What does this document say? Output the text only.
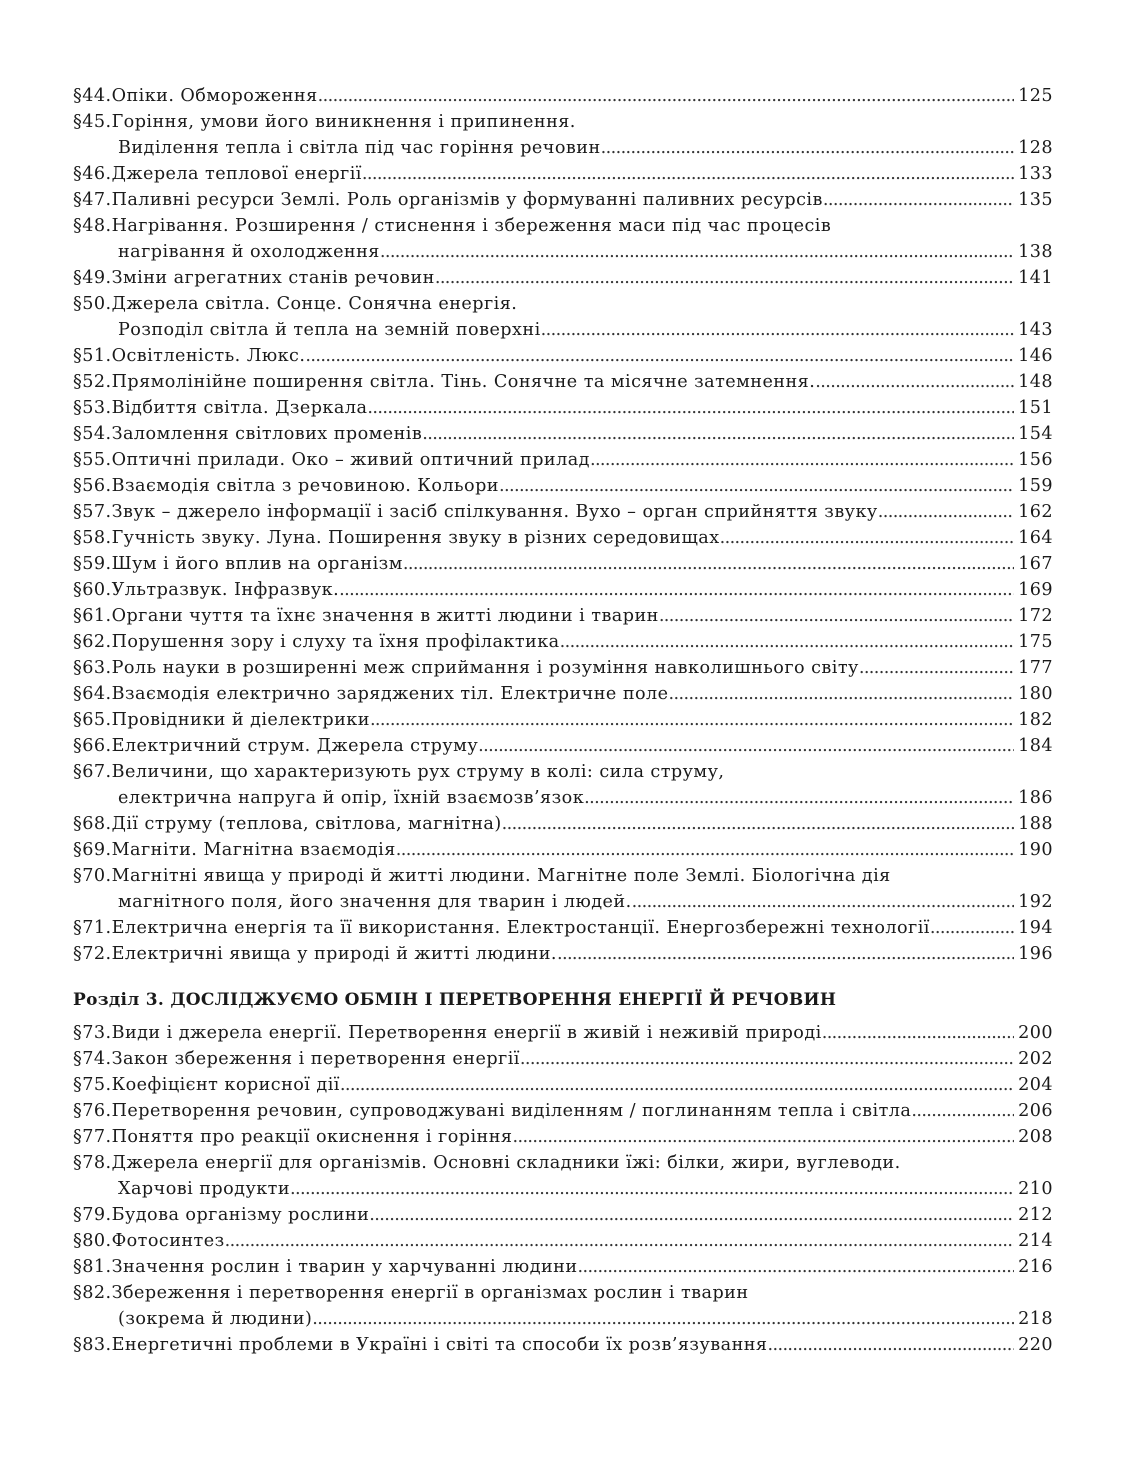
§44. Опіки. Обмороження . . .	125
§45. Горіння, умови його виникнення і припинення.
Виділення тепла і світла під час горіння речовин . . .	128
§46. Джерела теплової енергії . . .	133
§47. Паливні ресурси Землі. Роль організмів у формуванні паливних ресурсів . . .	135
§48. Нагрівання. Розширення / стиснення і збереження маси під час процесів
нагрівання й охолодження . . .	138
§49. Зміни агрегатних станів речовин . . .	141
§50. Джерела світла. Сонце. Сонячна енергія.
Розподіл світла й тепла на земній поверхні . . .	143
§51. Освітленість. Люкс. . . .	146
§52. Прямолінійне поширення світла. Тінь. Сонячне та місячне затемнення. . . .	148
§53. Відбиття світла. Дзеркала . . .	151
§54. Заломлення світлових променів . . .	154
§55. Оптичні прилади. Око – живий оптичний прилад . . .	156
§56. Взаємодія світла з речовиною. Кольори . . .	159
§57. Звук – джерело інформації і засіб спілкування. Вухо – орган сприйняття звуку . . .	162
§58. Гучність звуку. Луна. Поширення звуку в різних середовищах . . .	164
§59. Шум і його вплив на організм . . .	167
§60. Ультразвук. Інфразвук. . . .	169
§61. Органи чуття та їхнє значення в житті людини і тварин . . .	172
§62. Порушення зору і слуху та їхня профілактика . . .	175
§63. Роль науки в розширенні меж сприймання і розуміння навколишнього світу . . .	177
§64. Взаємодія електрично заряджених тіл. Електричне поле . . .	180
§65. Провідники й діелектрики . . .	182
§66. Електричний струм. Джерела струму . . .	184
§67. Величини, що характеризують рух струму в колі: сила струму,
електрична напруга й опір, їхній взаємозв’язок . . .	186
§68. Дії струму (теплова, світлова, магнітна) . . .	188
§69. Магніти. Магнітна взаємодія . . .	190
§70. Магнітні явища у природі й житті людини. Магнітне поле Землі. Біологічна дія
магнітного поля, його значення для тварин і людей. . . .	192
§71. Електрична енергія та її використання. Електростанції. Енергозбережні технології . . .	194
§72. Електричні явища у природі й житті людини. . . .	196
Розділ 3. ДОСЛІДЖУЄМО ОБМІН І ПЕРЕТВОРЕННЯ ЕНЕРГІЇ Й РЕЧОВИН
§73. Види і джерела енергії. Перетворення енергії в живій і неживій природі . . .	200
§74. Закон збереження і перетворення енергії . . .	202
§75. Коефіцієнт корисної дії . . .	204
§76. Перетворення речовин, супроводжувані виділенням / поглинанням тепла і світла . . .	206
§77. Поняття про реакції окиснення і горіння . . .	208
§78. Джерела енергії для організмів. Основні складники їжі: білки, жири, вуглеводи.
Харчові продукти . . .	210
§79. Будова організму рослини . . .	212
§80. Фотосинтез . . .	214
§81. Значення рослин і тварин у харчуванні людини . . .	216
§82. Збереження і перетворення енергії в організмах рослин і тварин
(зокрема й людини) . . .	218
§83. Енергетичні проблеми в Україні і світі та способи їх розв’язування . . .	220
